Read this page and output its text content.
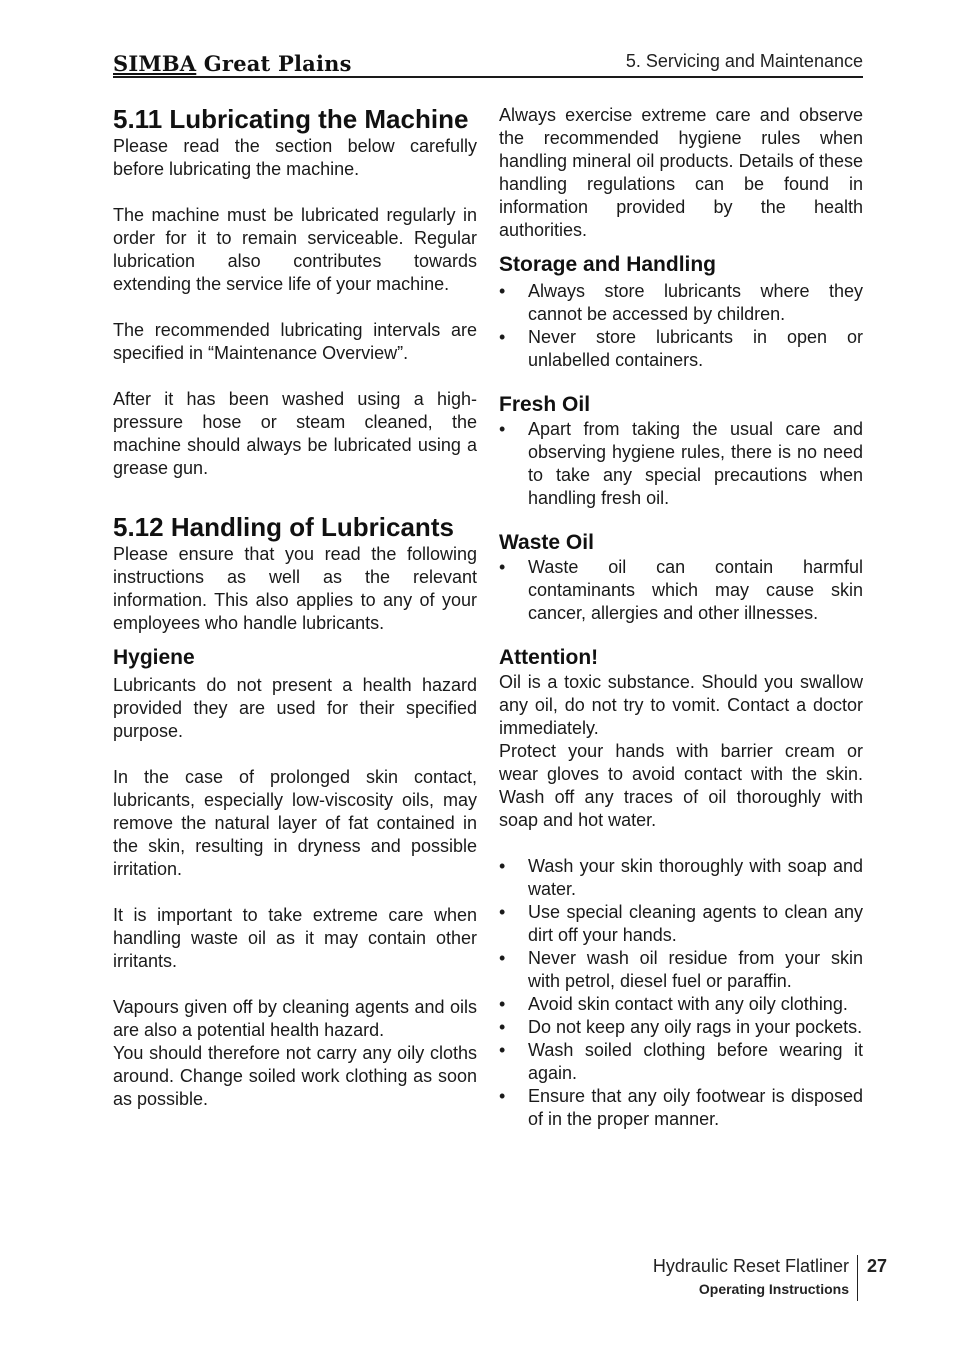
SIMBA Great Plains	5. Servicing and Maintenance
5.11 Lubricating the Machine

Please read the section below carefully before lubricating the machine.

The machine must be lubricated regularly in order for it to remain serviceable. Regular lubrication also contributes towards extending the service life of your machine.

The recommended lubricating intervals are specified in “Maintenance Overview”.

After it has been washed using a high-pressure hose or steam cleaned, the machine should always be lubricated using a grease gun.

5.12 Handling of Lubricants

Please ensure that you read the following instructions as well as the relevant information. This also applies to any of your employees who handle lubricants.

Hygiene

Lubricants do not present a health hazard provided they are used for their specified purpose.

In the case of prolonged skin contact, lubricants, especially low-viscosity oils, may remove the natural layer of fat contained in the skin, resulting in dryness and possible irritation.

It is important to take extreme care when handling waste oil as it may contain other irritants.

Vapours given off by cleaning agents and oils are also a potential health hazard.

You should therefore not carry any oily cloths around. Change soiled work clothing as soon as possible.

Always exercise extreme care and observe the recommended hygiene rules when handling mineral oil products. Details of these handling regulations can be found in information provided by the health authorities.

Storage and Handling
• Always store lubricants where they cannot be accessed by children.
• Never store lubricants in open or unlabelled containers.
Fresh Oil
• Apart from taking the usual care and observing hygiene rules, there is no need to take any special precautions when handling fresh oil.
Waste Oil
• Waste oil can contain harmful contaminants which may cause skin cancer, allergies and other illnesses.
Attention!

Oil is a toxic substance. Should you swallow any oil, do not try to vomit. Contact a doctor immediately.

Protect your hands with barrier cream or wear gloves to avoid contact with the skin. Wash off any traces of oil thoroughly with soap and hot water.

• Wash your skin thoroughly with soap and water.
• Use special cleaning agents to clean any dirt off your hands.
• Never wash oil residue from your skin with petrol, diesel fuel or paraffin.
• Avoid skin contact with any oily clothing.
• Do not keep any oily rags in your pockets.
• Wash soiled clothing before wearing it again.
• Ensure that any oily footwear is disposed of in the proper manner.
Hydraulic Reset Flatliner
Operating Instructions
27
